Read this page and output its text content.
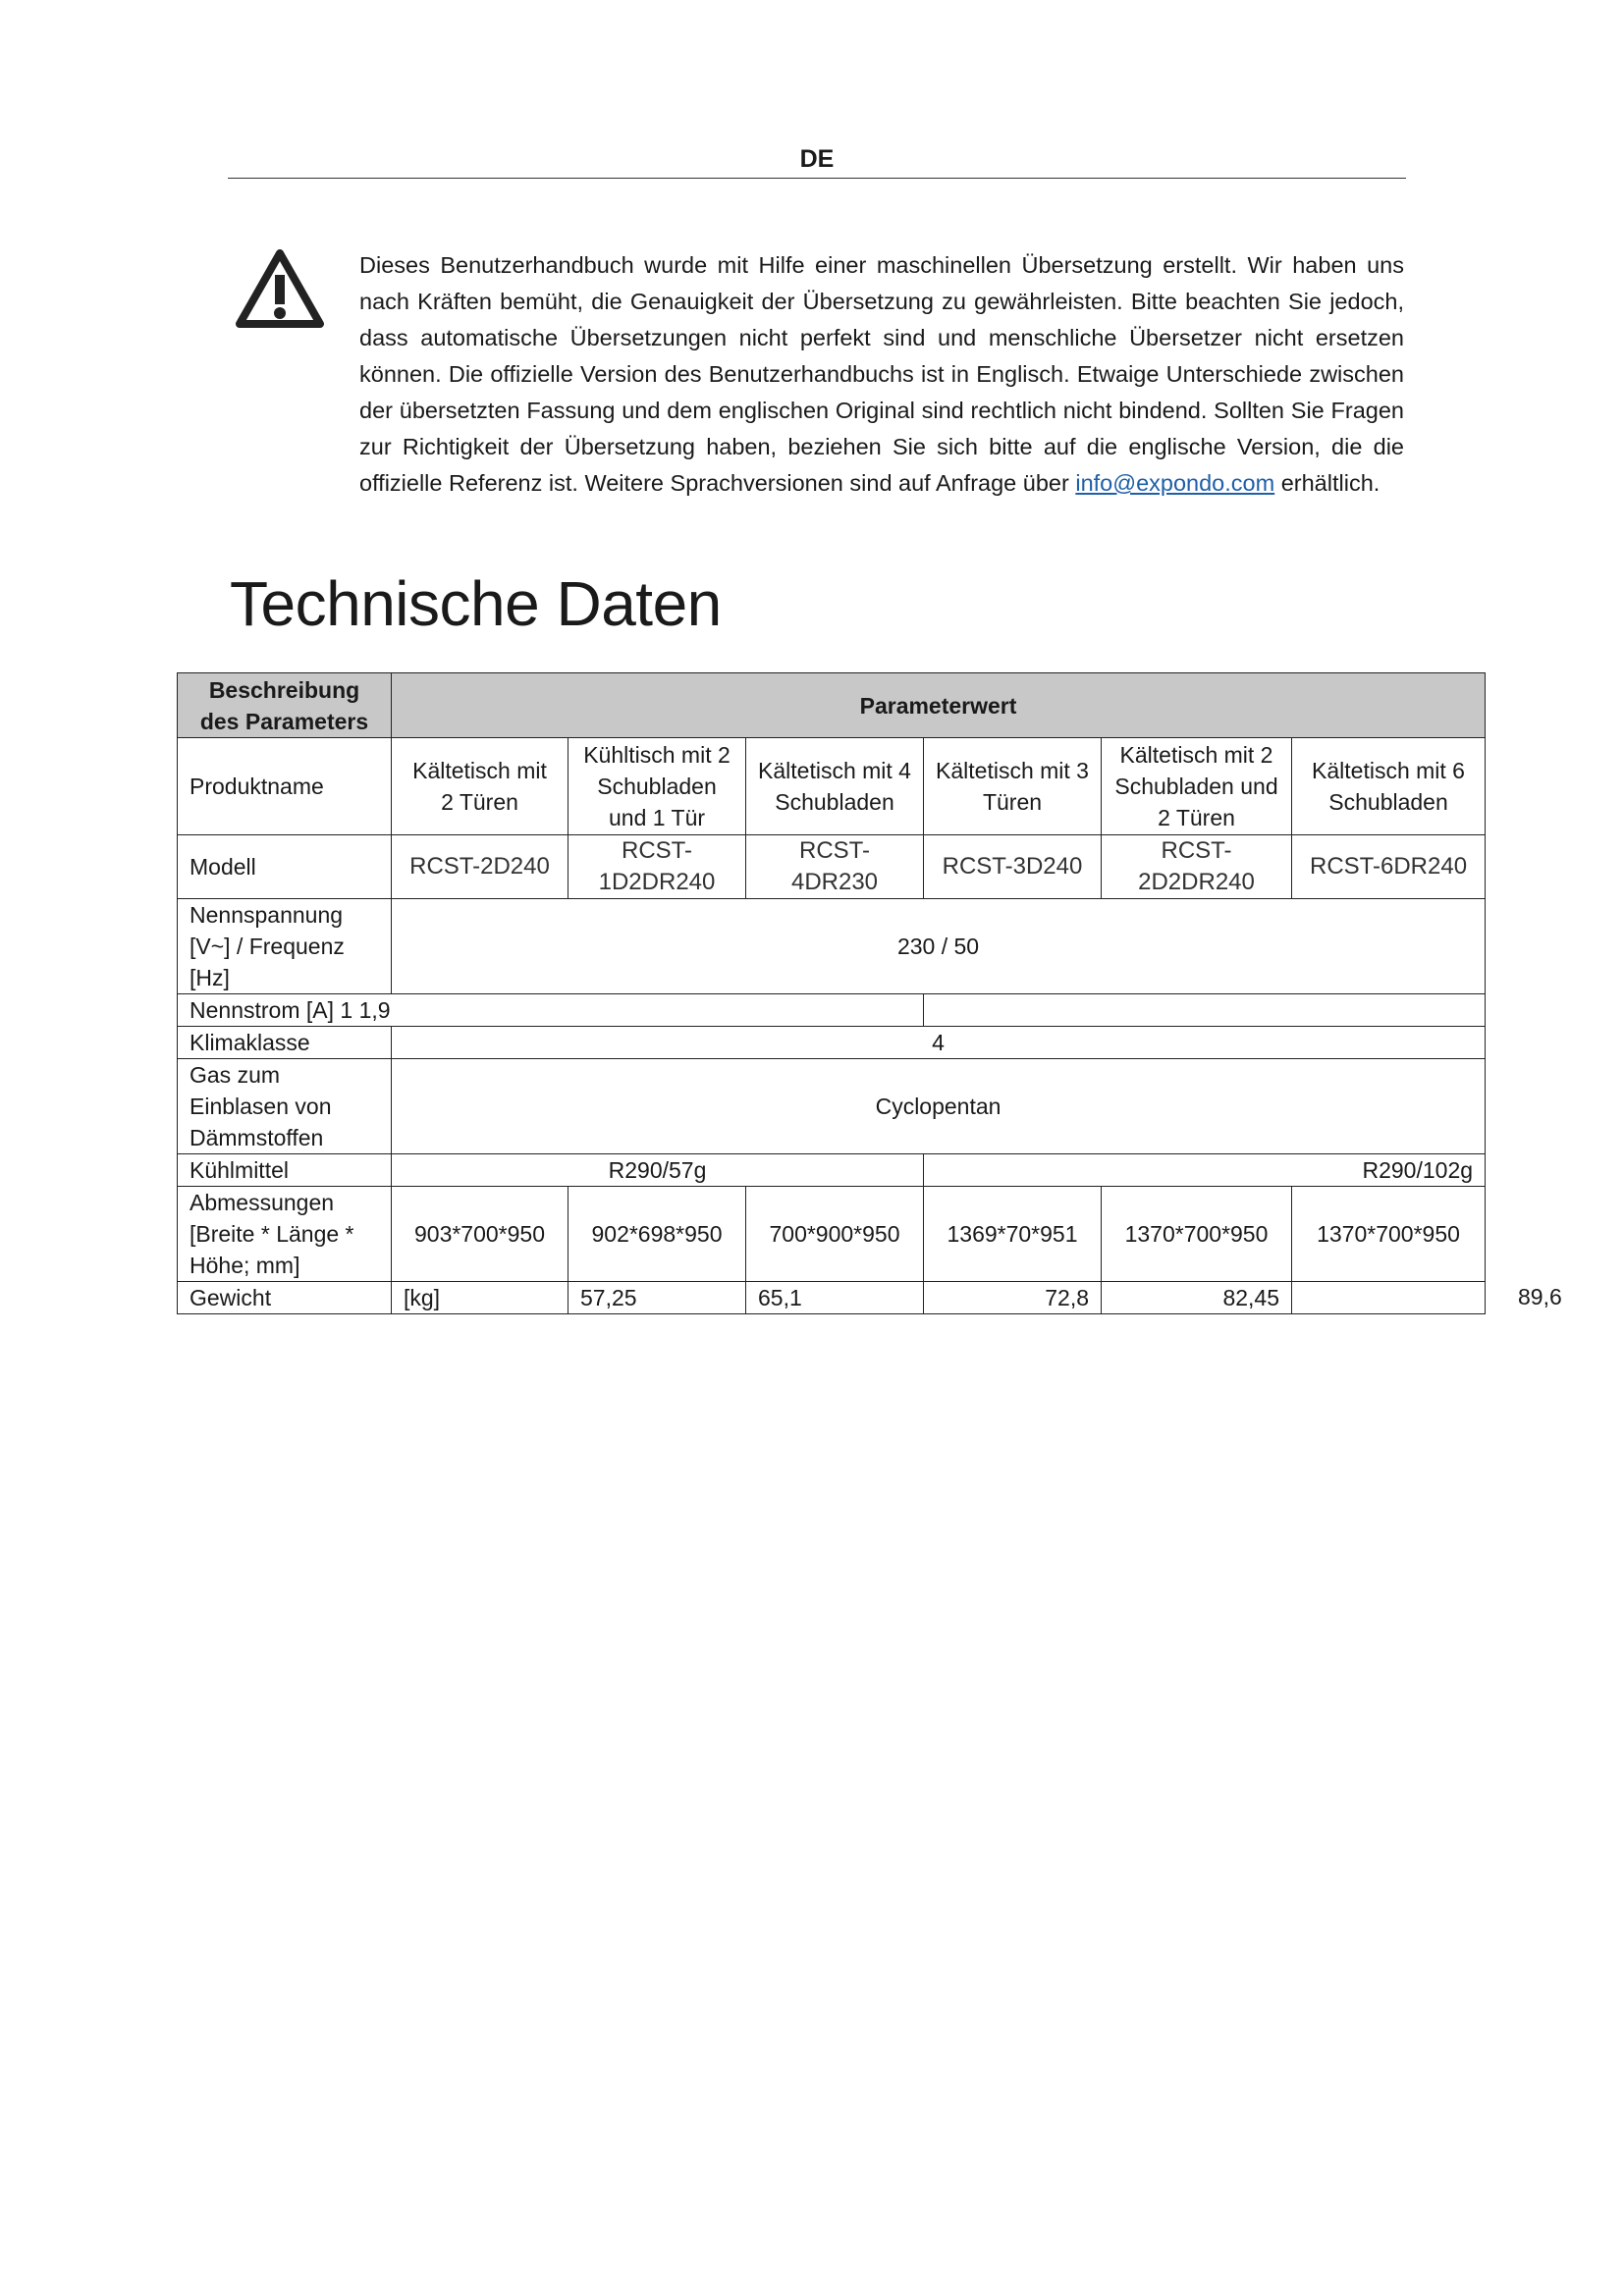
DE
Dieses Benutzerhandbuch wurde mit Hilfe einer maschinellen Übersetzung erstellt. Wir haben uns nach Kräften bemüht, die Genauigkeit der Übersetzung zu gewährleisten. Bitte beachten Sie jedoch, dass automatische Übersetzungen nicht perfekt sind und menschliche Übersetzer nicht ersetzen können. Die offizielle Version des Benutzerhandbuchs ist in Englisch. Etwaige Unterschiede zwischen der übersetzten Fassung und dem englischen Original sind rechtlich nicht bindend. Sollten Sie Fragen zur Richtigkeit der Übersetzung haben, beziehen Sie sich bitte auf die englische Version, die die offizielle Referenz ist. Weitere Sprachversionen sind auf Anfrage über info@expondo.com erhältlich.
Technische Daten
Beschreibung des Parameters	Parameterwert					
Produktname	Kältetisch mit 2 Türen	Kühltisch mit 2 Schubladen und 1 Tür	Kältetisch mit 4 Schubladen	Kältetisch mit 3 Türen	Kältetisch mit 2 Schubladen und 2 Türen	Kältetisch mit 6 Schubladen
Modell	RCST-2D240	RCST-1D2DR240	RCST-4DR230	RCST-3D240	RCST-2D2DR240	RCST-6DR240
Nennspannung [V~] / Frequenz [Hz]	230 / 50					
Nennstrom [A] 1 1,9						
Klimaklasse	4					
Gas zum Einblasen von Dämmstoffen	Cyclopentan					
Kühlmittel	R290/57g			R290/102g		
Abmessungen [Breite * Länge * Höhe; mm]	903*700*950	902*698*950	700*900*950	1369*70*951	1370*700*950	1370*700*950
Gewicht	[kg]	57,25	65,1	72,8	82,45		89,6
